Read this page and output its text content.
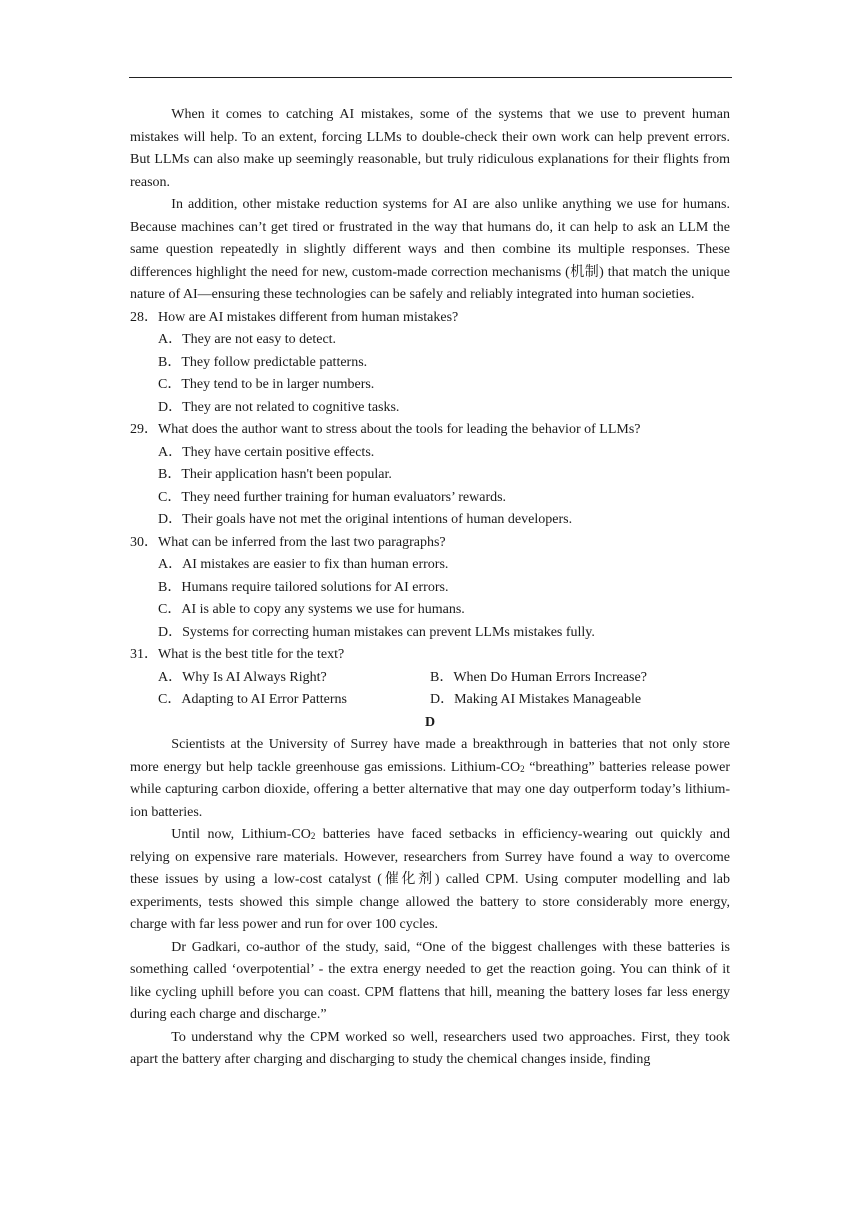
When it comes to catching AI mistakes, some of the systems that we use to prevent human mistakes will help. To an extent, forcing LLMs to double-check their own work can help prevent errors. But LLMs can also make up seemingly reasonable, but truly ridiculous explanations for their flights from reason.

In addition, other mistake reduction systems for AI are also unlike anything we use for humans. Because machines can’t get tired or frustrated in the way that humans do, it can help to ask an LLM the same question repeatedly in slightly different ways and then combine its multiple responses. These differences highlight the need for new, custom-made correction mechanisms (机制) that match the unique nature of AI—ensuring these technologies can be safely and reliably integrated into human societies.

28．How are AI mistakes different from human mistakes?
A．They are not easy to detect.
B．They follow predictable patterns.
C．They tend to be in larger numbers.
D．They are not related to cognitive tasks.
29．What does the author want to stress about the tools for leading the behavior of LLMs?
A．They have certain positive effects.
B．Their application hasn't been popular.
C．They need further training for human evaluators’ rewards.
D．Their goals have not met the original intentions of human developers.
30．What can be inferred from the last two paragraphs?
A．AI mistakes are easier to fix than human errors.
B．Humans require tailored solutions for AI errors.
C．AI is able to copy any systems we use for humans.
D．Systems for correcting human mistakes can prevent LLMs mistakes fully.
31．What is the best title for the text?
A．Why Is AI Always Right?	B．When Do Human Errors Increase?
C．Adapting to AI Error Patterns	D．Making AI Mistakes Manageable
D

Scientists at the University of Surrey have made a breakthrough in batteries that not only store more energy but help tackle greenhouse gas emissions. Lithium-$CO_2$ “breathing” batteries release power while capturing carbon dioxide, offering a better alternative that may one day outperform today’s lithium-ion batteries.

Until now, Lithium-$CO_2$ batteries have faced setbacks in efficiency-wearing out quickly and relying on expensive rare materials. However, researchers from Surrey have found a way to overcome these issues by using a low-cost catalyst (催化剂) called CPM. Using computer modelling and lab experiments, tests showed this simple change allowed the battery to store considerably more energy, charge with far less power and run for over 100 cycles.

Dr Gadkari, co-author of the study, said, “One of the biggest challenges with these batteries is something called ‘overpotential’ - the extra energy needed to get the reaction going. You can think of it like cycling uphill before you can coast. CPM flattens that hill, meaning the battery loses far less energy during each charge and discharge.”

To understand why the CPM worked so well, researchers used two approaches. First, they took apart the battery after charging and discharging to study the chemical changes inside, finding
